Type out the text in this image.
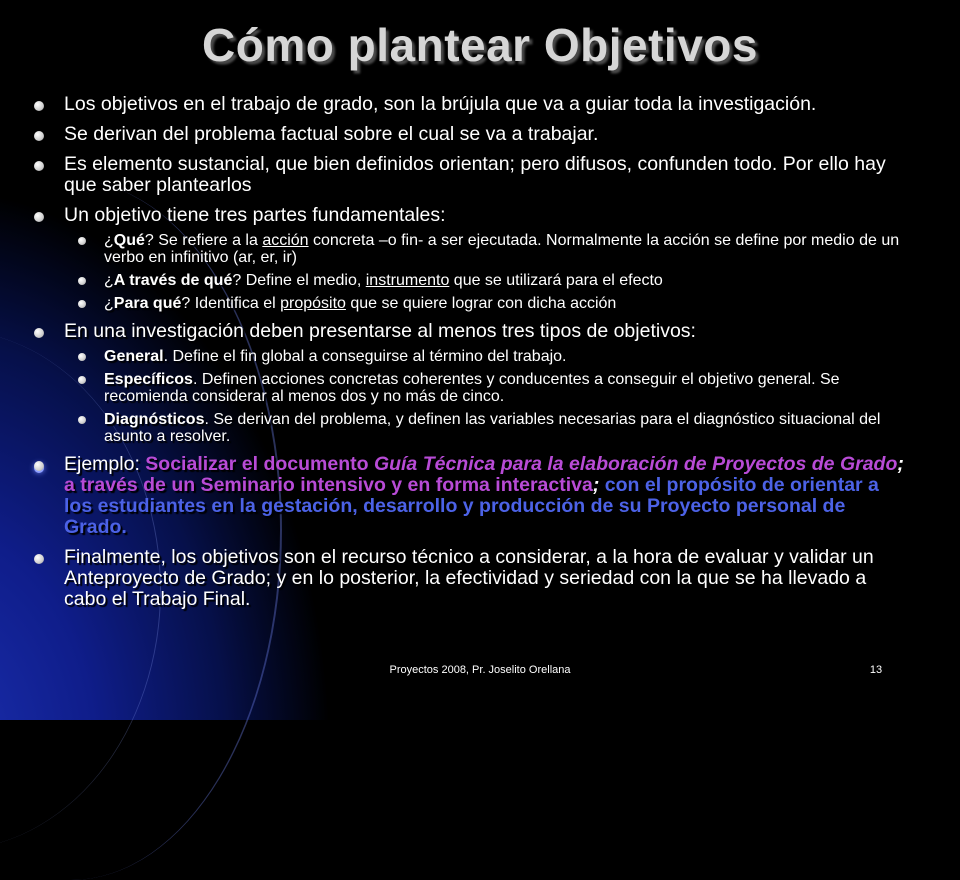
Cómo plantear Objetivos
Los objetivos en el trabajo de grado, son la brújula que va a guiar toda la investigación.
Se derivan del problema factual sobre el cual se va a trabajar.
Es elemento sustancial, que bien definidos orientan; pero difusos, confunden todo. Por ello hay que saber plantearlos
Un objetivo tiene tres partes fundamentales:
¿Qué? Se refiere a la acción concreta –o fin- a ser ejecutada. Normalmente la acción se define por medio de un verbo en infinitivo (ar, er, ir)
¿A través de qué? Define el medio, instrumento que se utilizará para el efecto
¿Para qué? Identifica el propósito que se quiere lograr con dicha acción
En una investigación deben presentarse al menos tres tipos de objetivos:
General. Define el fin global a conseguirse al término del trabajo.
Específicos. Definen acciones concretas coherentes y conducentes a conseguir el objetivo general. Se recomienda considerar al menos dos y no más de cinco.
Diagnósticos. Se derivan del problema, y definen las variables necesarias para el diagnóstico situacional del asunto a resolver.
Ejemplo: Socializar el documento Guía Técnica para la elaboración de Proyectos de Grado; a través de un Seminario intensivo y en forma interactiva; con el propósito de orientar a los estudiantes en la gestación, desarrollo y producción de su Proyecto personal de Grado.
Finalmente, los objetivos son el recurso técnico a considerar, a la hora de evaluar y validar un Anteproyecto de Grado; y en lo posterior, la efectividad y seriedad con la que se ha llevado a cabo el Trabajo Final.
Proyectos 2008, Pr. Joselito Orellana	13
